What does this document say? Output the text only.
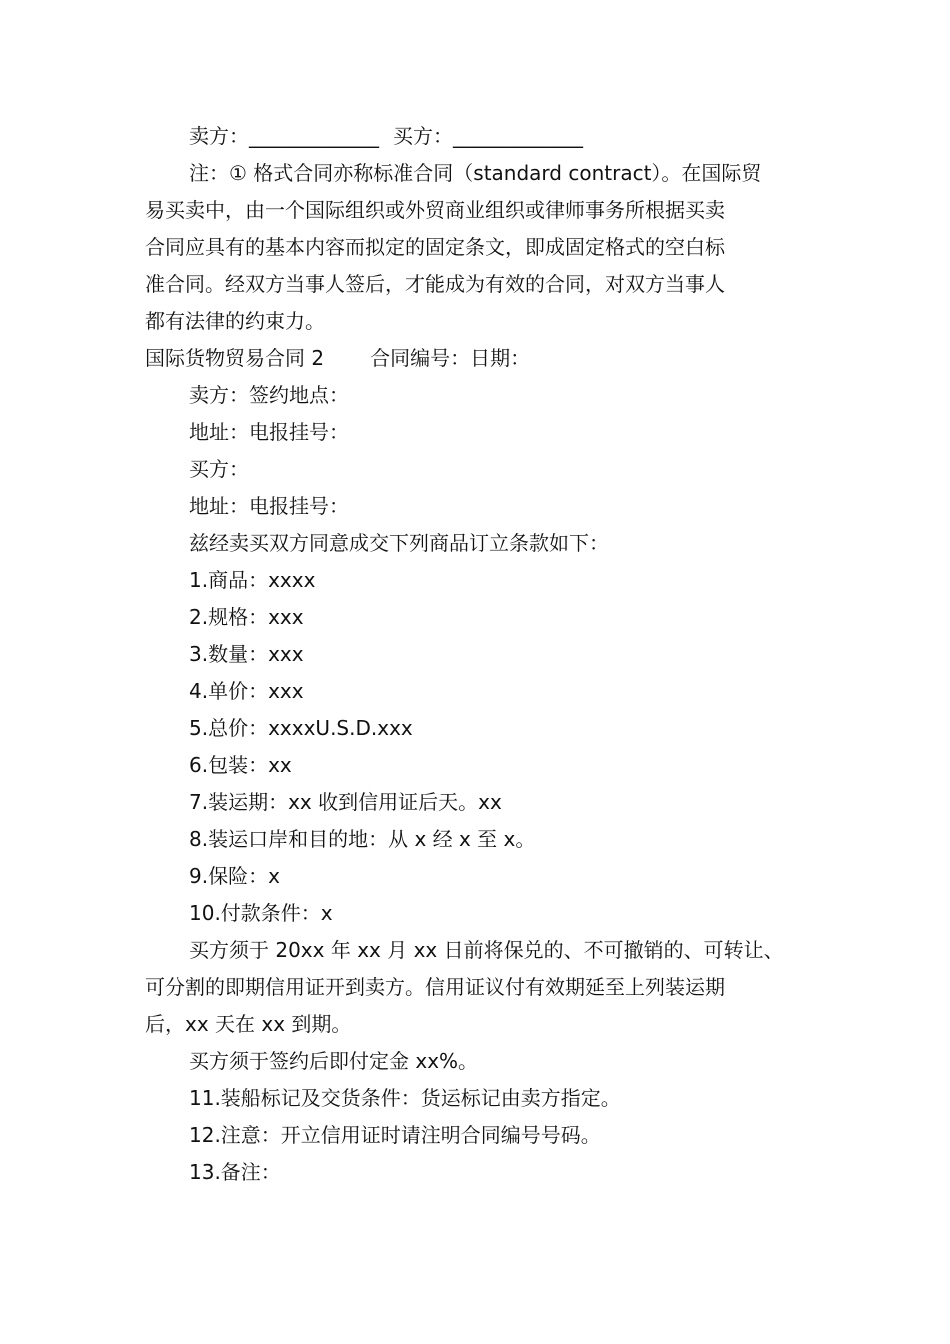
卖方：_____________ 买方：_____________
注：① 格式合同亦称标准合同（standard contract）。在国际贸
易买卖中，由一个国际组织或外贸商业组织或律师事务所根据买卖
合同应具有的基本内容而拟定的固定条文，即成固定格式的空白标
准合同。经双方当事人签后，才能成为有效的合同，对双方当事人
都有法律的约束力。
国际货物贸易合同 2 合同编号：日期：
卖方：签约地点：
地址：电报挂号：
买方：
地址：电报挂号：
兹经卖买双方同意成交下列商品订立条款如下：
1.商品：xxxx
2.规格：xxx
3.数量：xxx
4.单价：xxx
5.总价：xxxxU.S.D.xxx
6.包装：xx
7.装运期：xx 收到信用证后天。xx
8.装运口岸和目的地：从 x 经 x 至 x。
9.保险：x
10.付款条件：x
买方须于 20xx 年 xx 月 xx 日前将保兑的、不可撤销的、可转让、
可分割的即期信用证开到卖方。信用证议付有效期延至上列装运期
后，xx 天在 xx 到期。
买方须于签约后即付定金 xx%。
11.装船标记及交货条件：货运标记由卖方指定。
12.注意：开立信用证时请注明合同编号号码。
13.备注：
